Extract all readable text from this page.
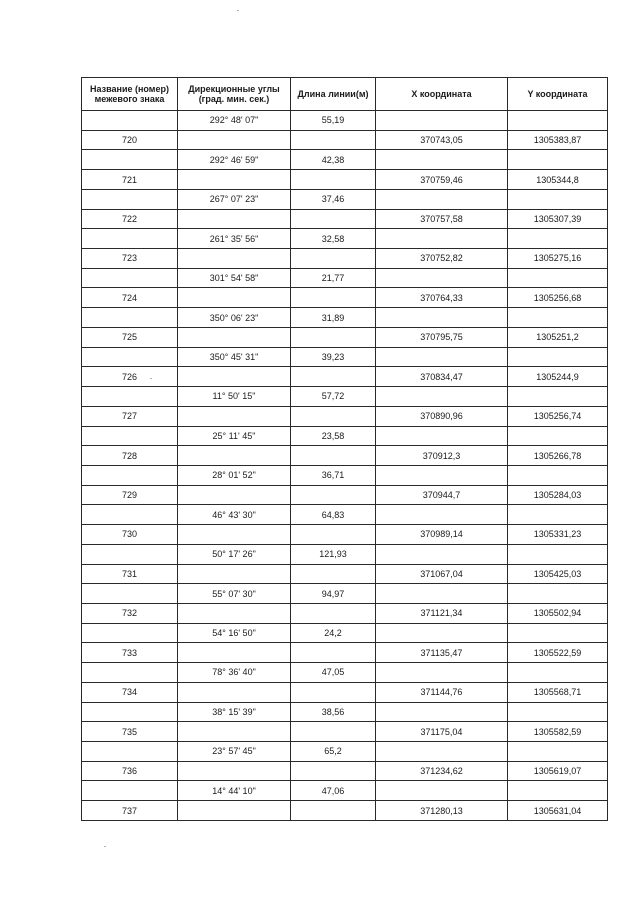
Название (номер) межевого знака	Дирекционные углы (град. мин. сек.)	Длина линии(м)	X координата	Y координата
	292° 48' 07"	55,19		
720			370743,05	1305383,87
	292° 46' 59"	42,38		
721			370759,46	1305344,8
	267° 07' 23"	37,46		
722			370757,58	1305307,39
	261° 35' 56"	32,58		
723			370752,82	1305275,16
	301° 54' 58"	21,77		
724			370764,33	1305256,68
	350° 06' 23"	31,89		
725			370795,75	1305251,2
	350° 45' 31"	39,23		
726			370834,47	1305244,9
	11° 50' 15"	57,72		
727			370890,96	1305256,74
	25° 11' 45"	23,58		
728			370912,3	1305266,78
	28° 01' 52"	36,71		
729			370944,7	1305284,03
	46° 43' 30"	64,83		
730			370989,14	1305331,23
	50° 17' 26"	121,93		
731			371067,04	1305425,03
	55° 07' 30"	94,97		
732			371121,34	1305502,94
	54° 16' 50"	24,2		
733			371135,47	1305522,59
	78° 36' 40"	47,05		
734			371144,76	1305568,71
	38° 15' 39"	38,56		
735			371175,04	1305582,59
	23° 57' 45"	65,2		
736			371234,62	1305619,07
	14° 44' 10"	47,06		
737			371280,13	1305631,04
